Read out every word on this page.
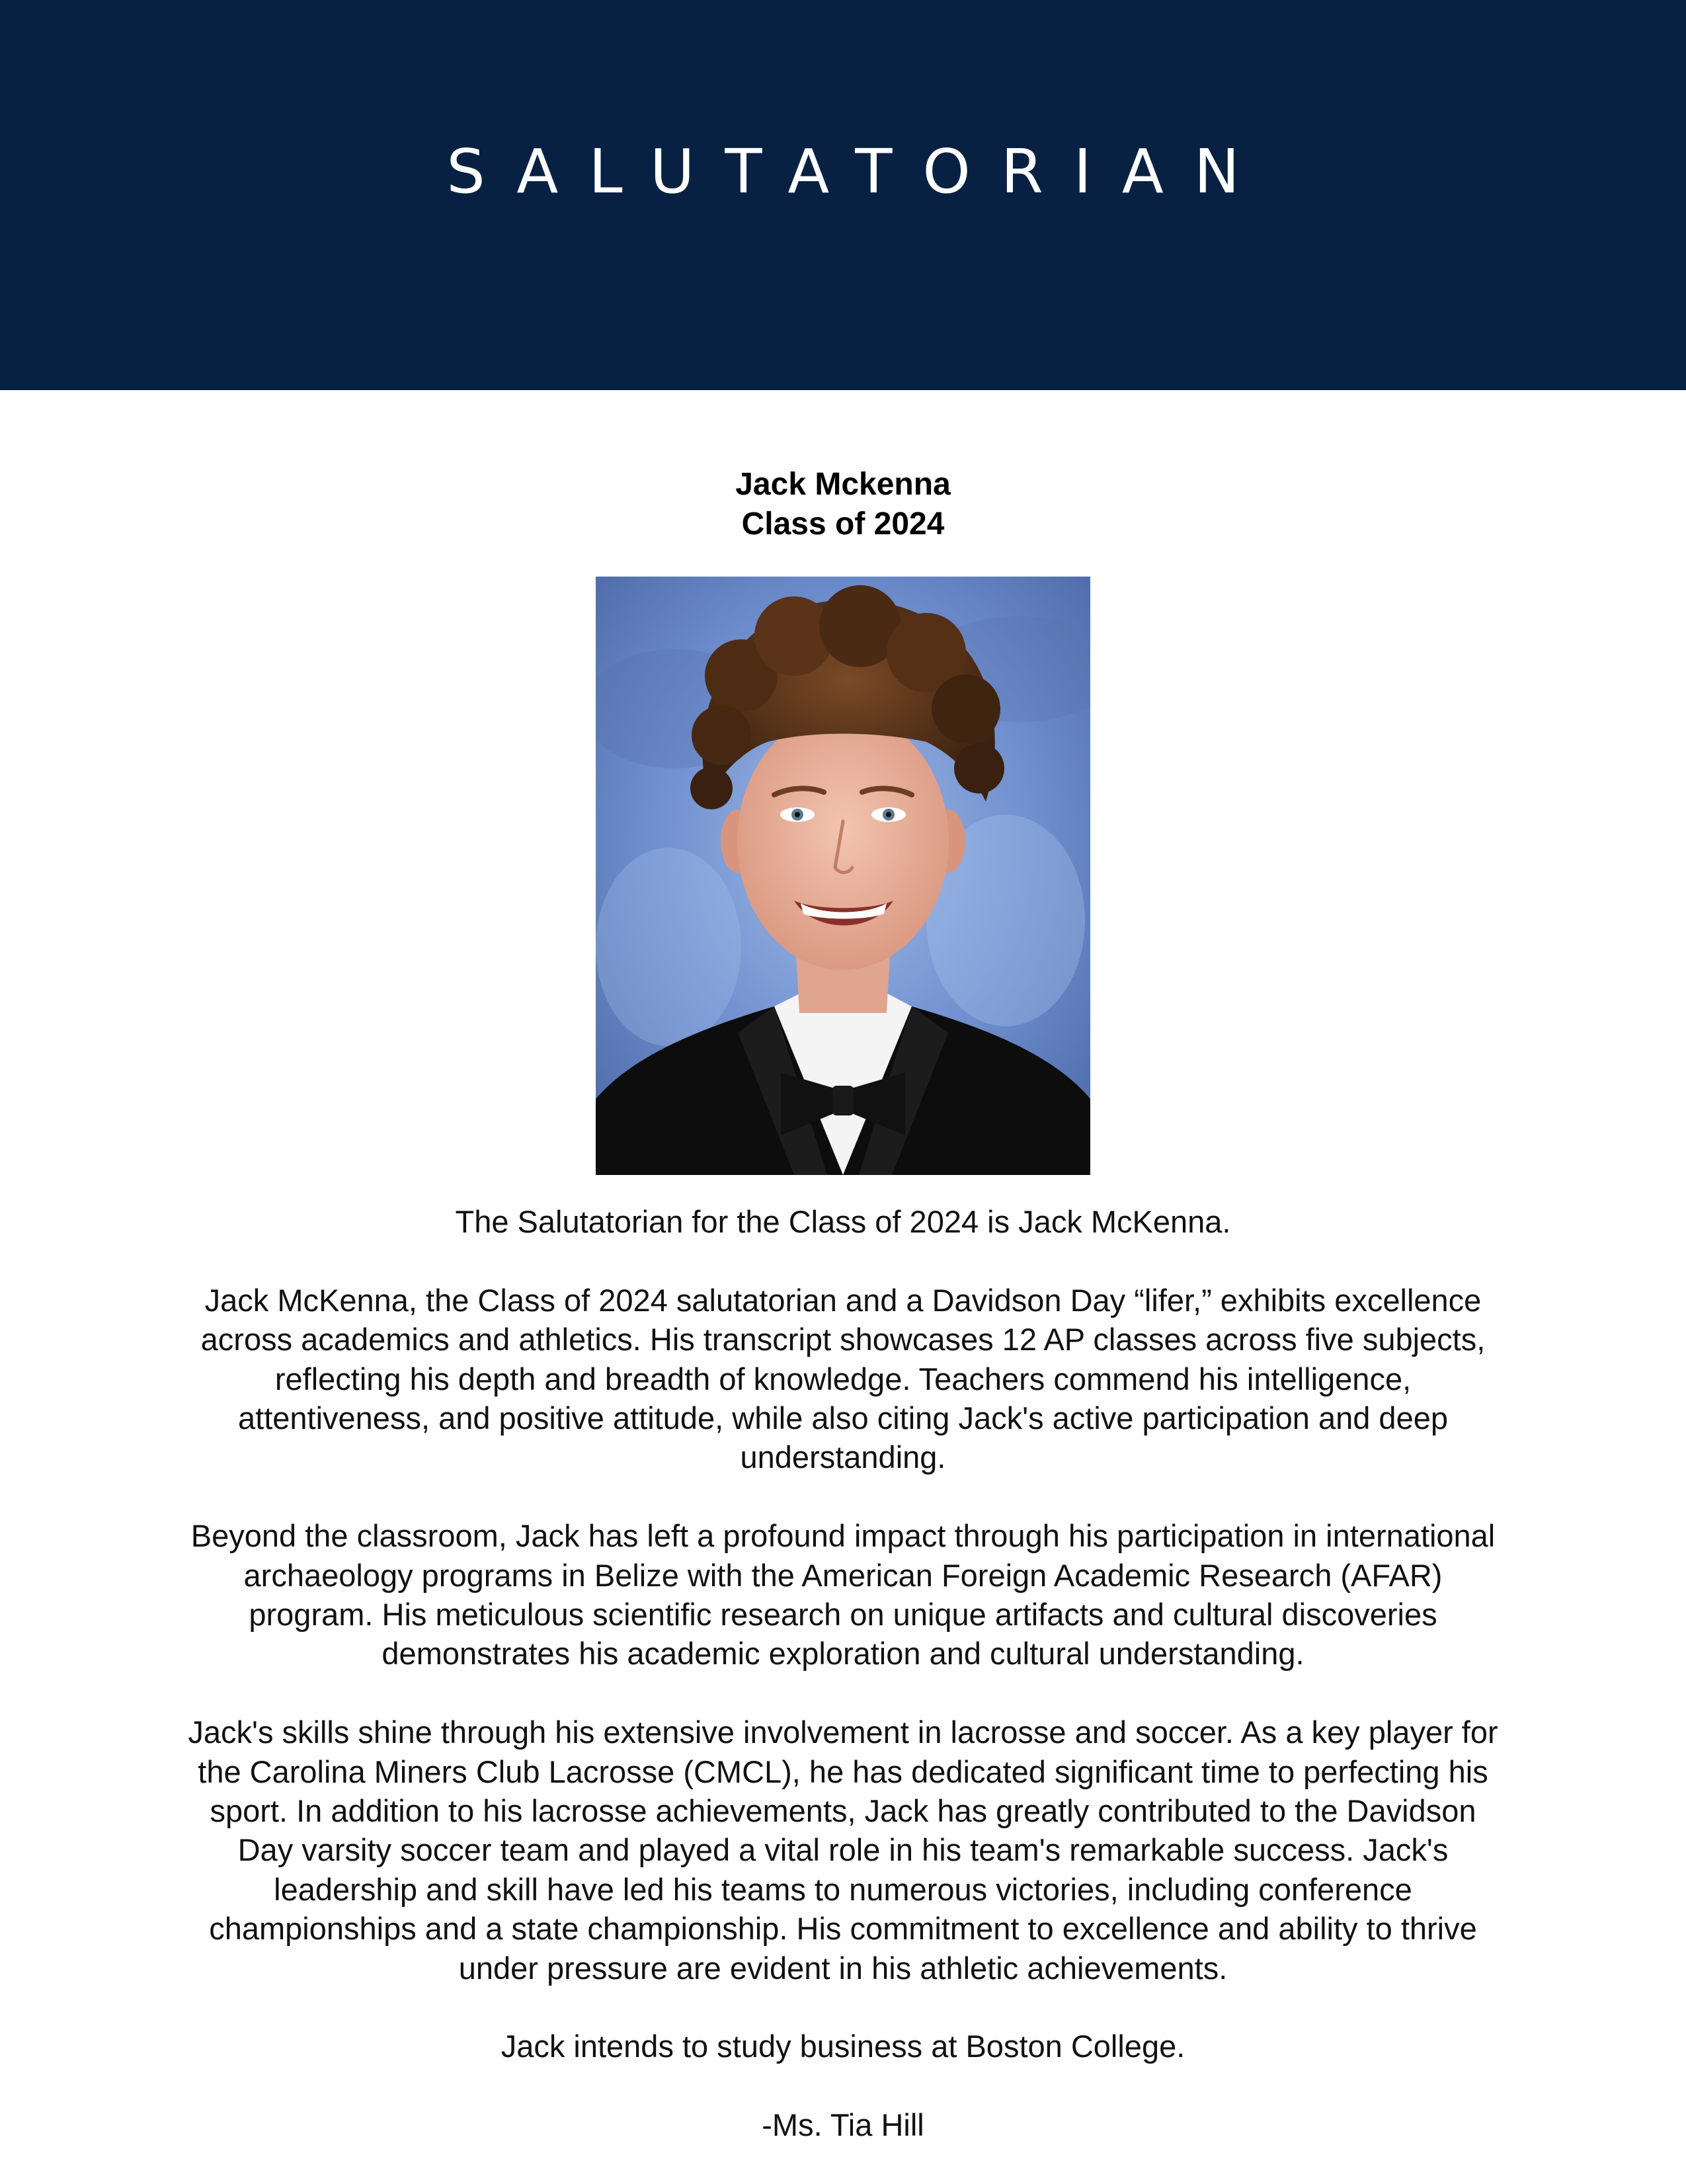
SALUTATORIAN
Jack Mckenna
Class of 2024

The Salutatorian for the Class of 2024 is Jack McKenna.

Jack McKenna, the Class of 2024 salutatorian and a Davidson Day “lifer,” exhibits excellence across academics and athletics. His transcript showcases 12 AP classes across five subjects, reflecting his depth and breadth of knowledge. Teachers commend his intelligence, attentiveness, and positive attitude, while also citing Jack's active participation and deep understanding.

Beyond the classroom, Jack has left a profound impact through his participation in international archaeology programs in Belize with the American Foreign Academic Research (AFAR) program. His meticulous scientific research on unique artifacts and cultural discoveries demonstrates his academic exploration and cultural understanding.

Jack's skills shine through his extensive involvement in lacrosse and soccer. As a key player for the Carolina Miners Club Lacrosse (CMCL), he has dedicated significant time to perfecting his sport. In addition to his lacrosse achievements, Jack has greatly contributed to the Davidson Day varsity soccer team and played a vital role in his team's remarkable success. Jack's leadership and skill have led his teams to numerous victories, including conference championships and a state championship. His commitment to excellence and ability to thrive under pressure are evident in his athletic achievements.

Jack intends to study business at Boston College.

-Ms. Tia Hill
